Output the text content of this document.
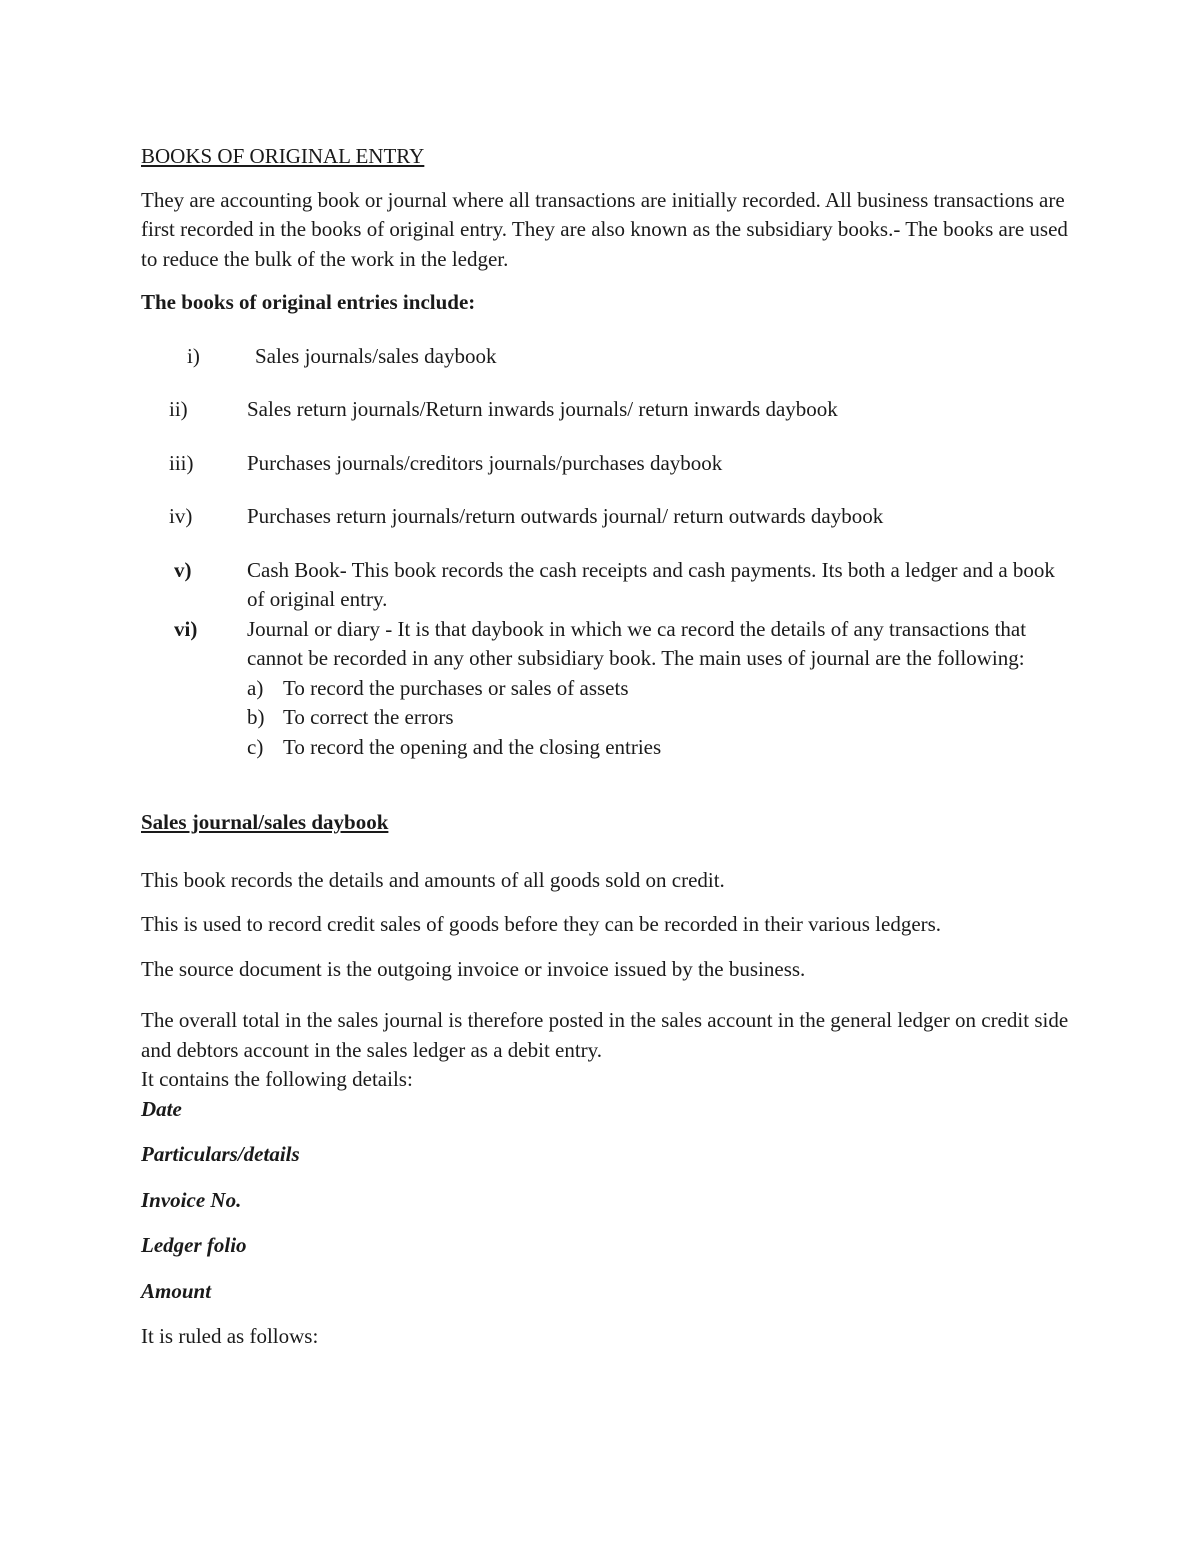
BOOKS OF ORIGINAL ENTRY

They are accounting book or journal where all transactions are initially recorded. All business transactions are first recorded in the books of original entry. They are also known as the subsidiary books.- The books are used to reduce the bulk of the work in the ledger.

The books of original entries include:

i)	Sales journals/sales daybook
ii)	Sales return journals/Return inwards journals/ return inwards daybook
iii)	Purchases journals/creditors journals/purchases daybook
iv)	Purchases return journals/return outwards journal/ return outwards daybook
v)	Cash Book- This book records the cash receipts and cash payments. Its both a ledger and a book of original entry.
vi)	Journal or diary - It is that daybook in which we ca record the details of any transactions that cannot be recorded in any other subsidiary book. The main uses of journal are the following:
a) To record the purchases or sales of assets
b) To correct the errors
c) To record the opening and the closing entries
Sales journal/sales daybook

This book records the details and amounts of all goods sold on credit.

This is used to record credit sales of goods before they can be recorded in their various ledgers.

The source document is the outgoing invoice or invoice issued by the business.

The overall total in the sales journal is therefore posted in the sales account in the general ledger on credit side and debtors account in the sales ledger as a debit entry.

It contains the following details:

Date

Particulars/details

Invoice No.

Ledger folio

Amount

It is ruled as follows:
